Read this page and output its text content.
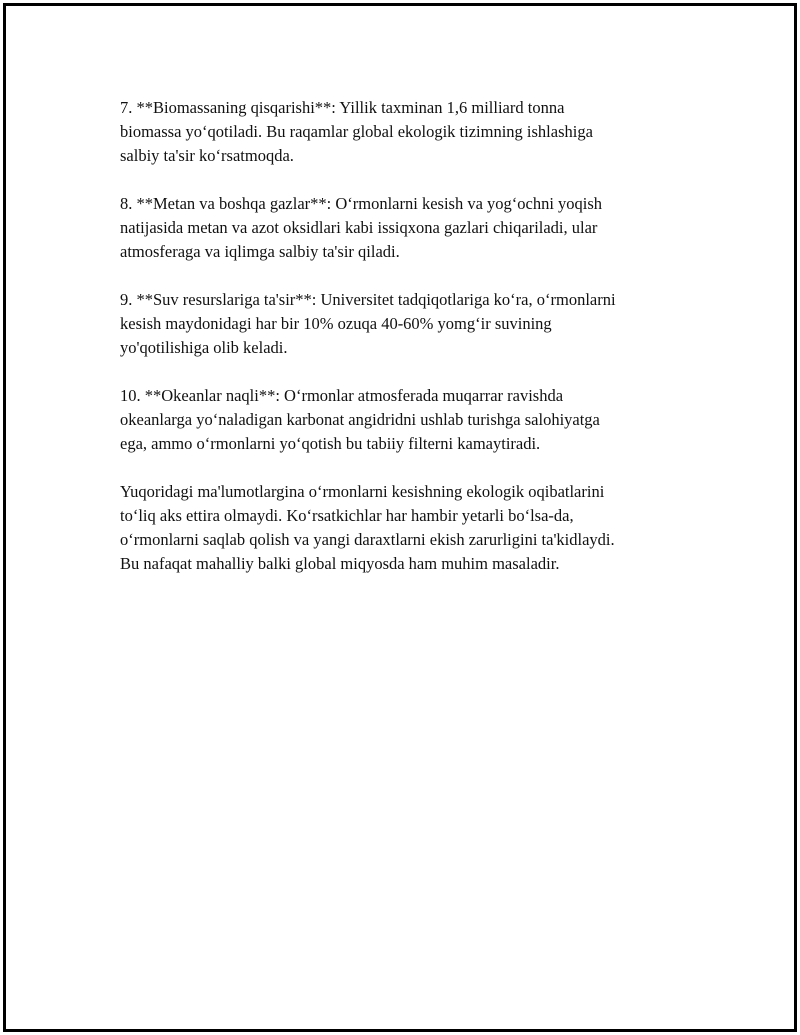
7. **Biomassaning qisqarishi**: Yillik taxminan 1,6 milliard tonna
biomassa yo‘qotiladi. Bu raqamlar global ekologik tizimning ishlashiga
salbiy ta'sir ko‘rsatmoqda.

8. **Metan va boshqa gazlar**: O‘rmonlarni kesish va yog‘ochni yoqish
natijasida metan va azot oksidlari kabi issiqxona gazlari chiqariladi, ular
atmosferaga va iqlimga salbiy ta'sir qiladi.

9. **Suv resurslariga ta'sir**: Universitet tadqiqotlariga ko‘ra, o‘rmonlarni
kesish maydonidagi har bir 10% ozuqa 40-60% yomg‘ir suvining
yo'qotilishiga olib keladi.

10. **Okeanlar naqli**: O‘rmonlar atmosferada muqarrar ravishda
okeanlarga yo‘naladigan karbonat angidridni ushlab turishga salohiyatga
ega, ammo o‘rmonlarni yo‘qotish bu tabiiy filterni kamaytiradi.

Yuqoridagi ma'lumotlargina o‘rmonlarni kesishning ekologik oqibatlarini
to‘liq aks ettira olmaydi. Ko‘rsatkichlar har hambir yetarli bo‘lsa-da,
o‘rmonlarni saqlab qolish va yangi daraxtlarni ekish zarurligini ta'kidlaydi.
Bu nafaqat mahalliy balki global miqyosda ham muhim masaladir.
